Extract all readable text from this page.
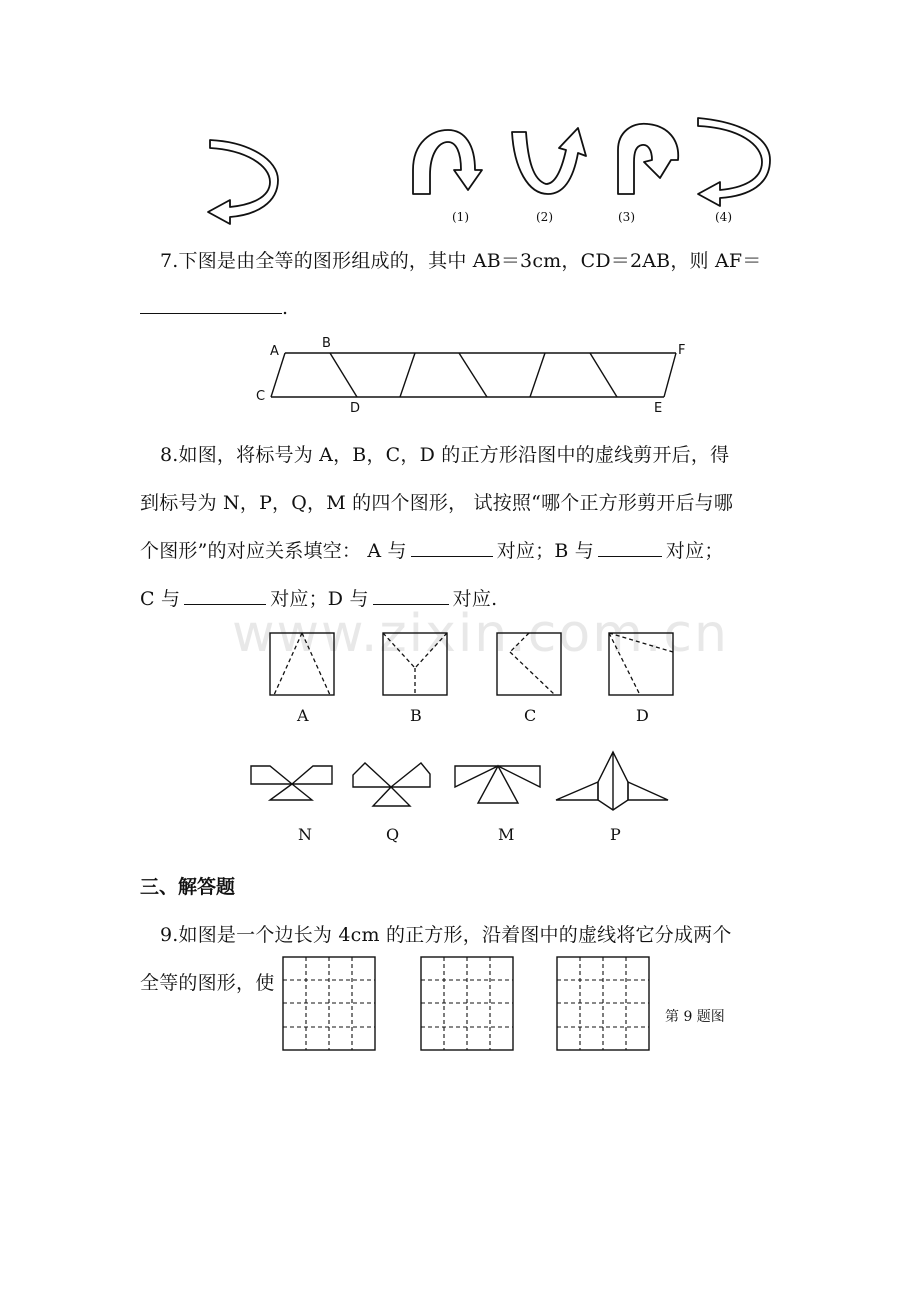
(1)	(2)	(3)	(4)
7.下图是由全等的图形组成的，其中 AB＝3cm，CD＝2AB，则 AF＝
.
A
B
C
D	E
F
8.如图，将标号为 A，B，C，D 的正方形沿图中的虚线剪开后，得
到标号为 N，P，Q，M 的四个图形， 试按照“哪个正方形剪开后与哪
个图形”的对应关系填空： A 与	对应；B 与	对应；
C 与	对应；D 与	对应.
www.zixin.com.cn
A	B	C	D
N	Q	M	P
三、解答题
9.如图是一个边长为 4cm 的正方形，沿着图中的虚线将它分成两个
全等的图形，使
第 9 题图
